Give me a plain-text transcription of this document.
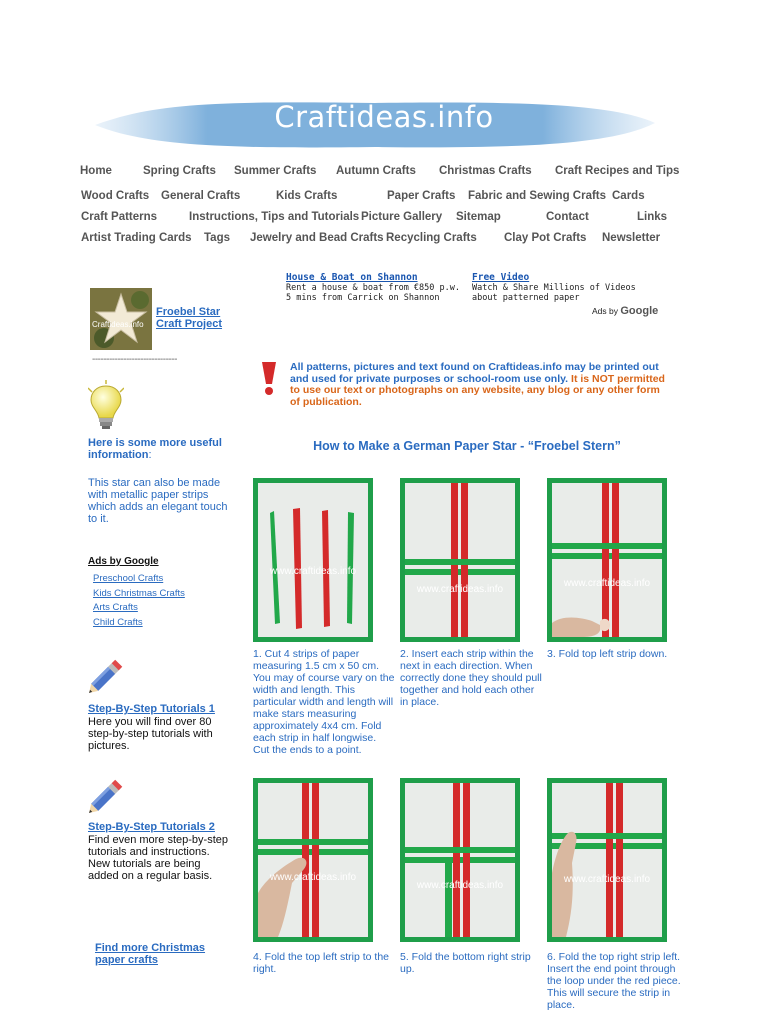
Craftideas.info
Home	Spring Crafts Summer Crafts Autumn Crafts Christmas Crafts Craft Recipes and Tips
Wood Crafts General Crafts	Kids Crafts	Paper Crafts Fabric and Sewing Crafts Cards
Craft Patterns	Instructions, Tips and Tutorials Picture Gallery Sitemap	Contact	Links
Artist Trading Cards Tags Jewelry and Bead Crafts Recycling Crafts Clay Pot Crafts Newsletter
House & Boat on Shannon
Rent a house & boat from €850 p.w. 5 mins from Carrick on Shannon
Free Video
Watch & Share Millions of Videos about patterned paper
Ads by Google
Craftideas.info
Froebel Star Craft Project
------------------------------
Here is some more useful information:
This star can also be made with metallic paper strips which adds an elegant touch to it.
Ads by Google
Preschool Crafts
Kids Christmas Crafts
Arts Crafts
Child Crafts
Step-By-Step Tutorials 1
Here you will find over 80 step-by-step tutorials with pictures.
Step-By-Step Tutorials 2
Find even more step-by-step tutorials and instructions. New tutorials are being added on a regular basis.
Find more Christmas paper crafts
All patterns, pictures and text found on Craftideas.info may be printed out and used for private purposes or school-room use only. It is NOT permitted to use our text or photographs on any website, any blog or any other form of publication.
How to Make a German Paper Star - “Froebel Stern”
www.craftideas.info
1. Cut 4 strips of paper measuring 1.5 cm x 50 cm. You may of course vary on the width and length. This particular width and length will make stars measuring approximately 4x4 cm. Fold each strip in half longwise. Cut the ends to a point.
www.craftideas.info
2. Insert each strip within the next in each direction. When correctly done they should pull together and hold each other in place.
www.craftideas.info
3. Fold top left strip down.
www.craftideas.info
4. Fold the top left strip to the right.
www.craftideas.info
5. Fold the bottom right strip up.
www.craftideas.info
6. Fold the top right strip left. Insert the end point through the loop under the red piece. This will secure the strip in place.
